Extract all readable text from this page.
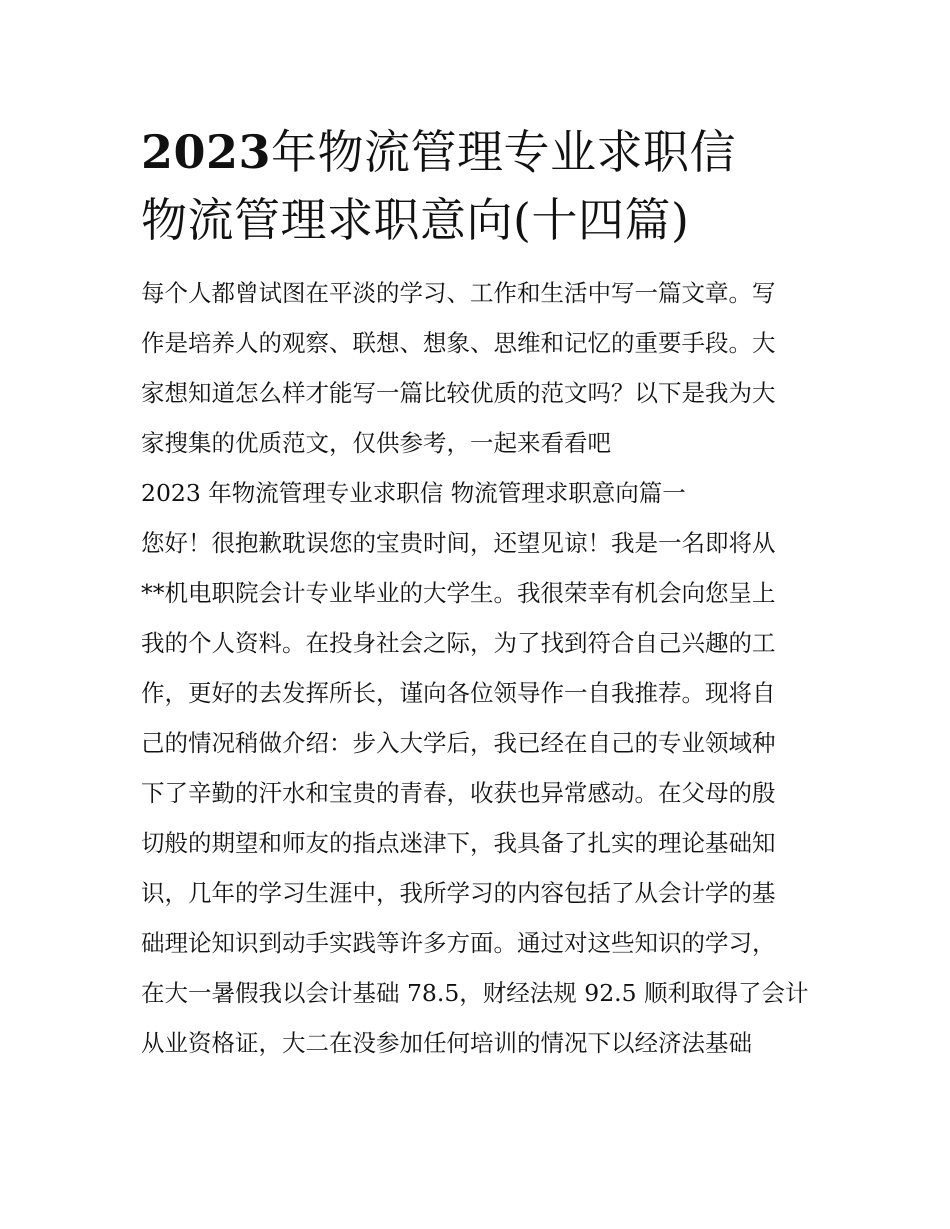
2023年物流管理专业求职信
物流管理求职意向(十四篇)

每个人都曾试图在平淡的学习、工作和生活中写一篇文章。写
作是培养人的观察、联想、想象、思维和记忆的重要手段。大
家想知道怎么样才能写一篇比较优质的范文吗？以下是我为大
家搜集的优质范文，仅供参考，一起来看看吧

2023 年物流管理专业求职信 物流管理求职意向篇一

您好！很抱歉耽误您的宝贵时间，还望见谅！我是一名即将从
**机电职院会计专业毕业的大学生。我很荣幸有机会向您呈上
我的个人资料。在投身社会之际，为了找到符合自己兴趣的工
作，更好的去发挥所长，谨向各位领导作一自我推荐。现将自
己的情况稍做介绍：步入大学后，我已经在自己的专业领域种
下了辛勤的汗水和宝贵的青春，收获也异常感动。在父母的殷
切般的期望和师友的指点迷津下，我具备了扎实的理论基础知
识，几年的学习生涯中，我所学习的内容包括了从会计学的基
础理论知识到动手实践等许多方面。通过对这些知识的学习，
在大一暑假我以会计基础 78.5，财经法规 92.5 顺利取得了会计
从业资格证，大二在没参加任何培训的情况下以经济法基础
